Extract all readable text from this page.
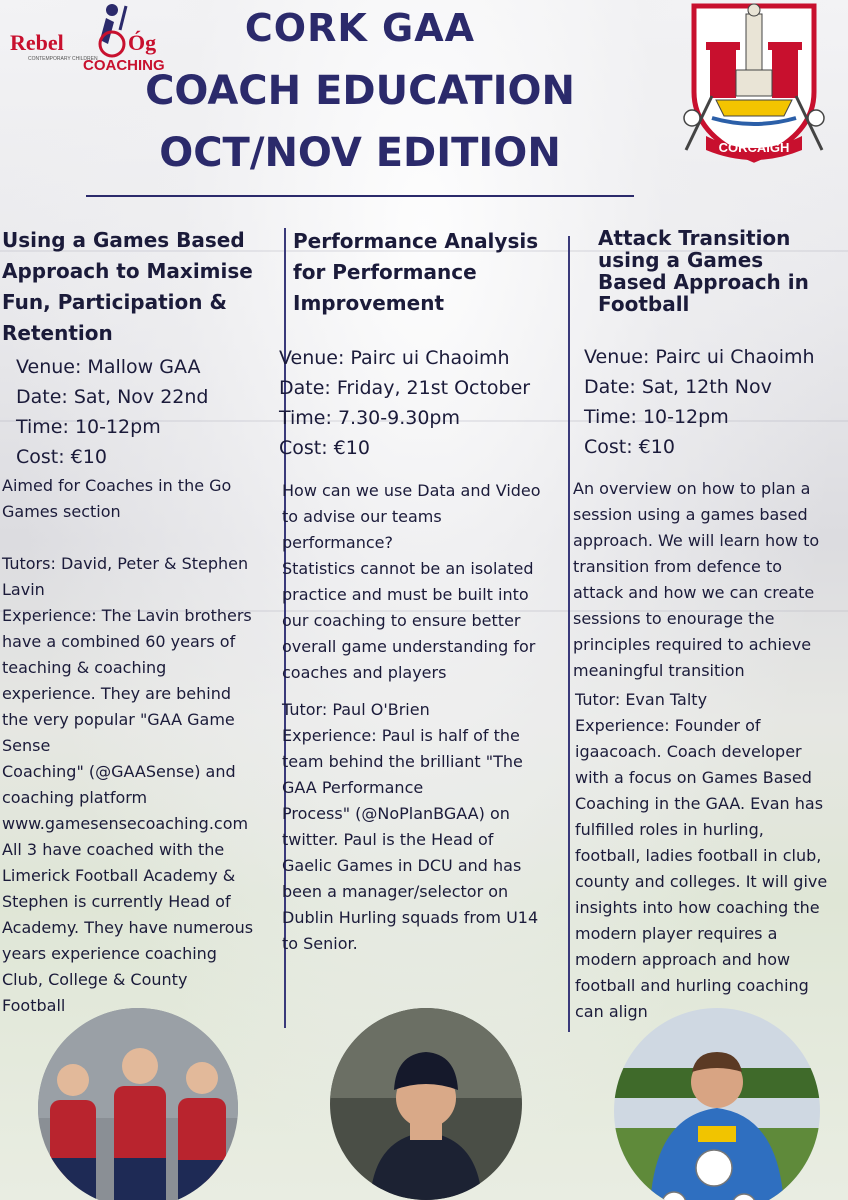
Rebel	Óg
CONTEMPORARY CHILDREN
COACHING
CORK GAA
COACH EDUCATION
OCT/NOV EDITION	CORCAIGH
Using a Games Based
Approach to Maximise
Fun, Participation &
Retention
Venue: Mallow GAA
Date: Sat, Nov 22nd
Time: 10-12pm
Cost: €10
Aimed for Coaches in the Go
Games section
Tutors: David, Peter & Stephen
Lavin
Experience: The Lavin brothers
have a combined 60 years of
teaching & coaching
experience. They are behind
the very popular "GAA Game
Sense
Coaching" (@GAASense) and
coaching platform
www.gamesensecoaching.com
All 3 have coached with the
Limerick Football Academy &
Stephen is currently Head of
Academy. They have numerous
years experience coaching
Club, College & County
Football
Performance Analysis
for Performance
Improvement
Venue: Pairc ui Chaoimh
Date: Friday, 21st October
Time: 7.30-9.30pm
Cost: €10
How can we use Data and Video
to advise our teams
performance?
Statistics cannot be an isolated
practice and must be built into
our coaching to ensure better
overall game understanding for
coaches and players
Tutor: Paul O'Brien
Experience: Paul is half of the
team behind the brilliant "The
GAA Performance
Process" (@NoPlanBGAA) on
twitter. Paul is the Head of
Gaelic Games in DCU and has
been a manager/selector on
Dublin Hurling squads from U14
to Senior.
Attack Transition
using a Games
Based Approach in
Football
Venue: Pairc ui Chaoimh
Date: Sat, 12th Nov
Time: 10-12pm
Cost: €10
An overview on how to plan a
session using a games based
approach. We will learn how to
transition from defence to
attack and how we can create
sessions to enourage the
principles required to achieve
meaningful transition
Tutor: Evan Talty
Experience: Founder of
igaacoach. Coach developer
with a focus on Games Based
Coaching in the GAA. Evan has
fulfilled roles in hurling,
football, ladies football in club,
county and colleges. It will give
insights into how coaching the
modern player requires a
modern approach and how
football and hurling coaching
can align
